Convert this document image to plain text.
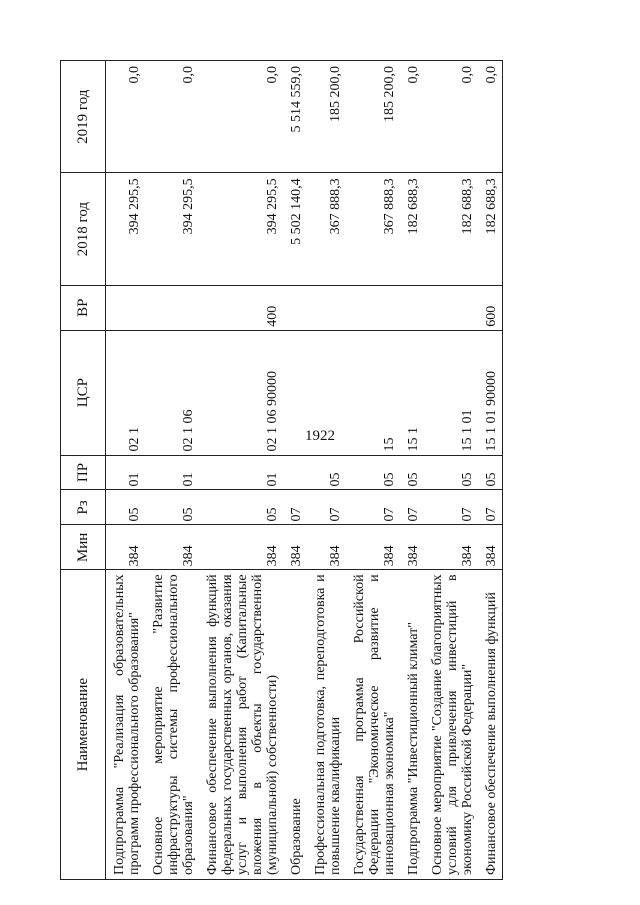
1922
Наименование	Мин	Рз	ПР	ЦСР	ВР	2018 год	2019 год
Подпрограмма "Реализация образовательных программ профессионального образования"	384	05	01	02 1		394 295,5	0,0
Основное мероприятие "Развитие инфраструктуры системы профессионального образования"	384	05	01	02 1 06		394 295,5	0,0
Финансовое обеспечение выполнения функций федеральных государственных органов, оказания услуг и выполнения работ (Капитальные вложения в объекты государственной (муниципальной) собственности)	384	05	01	02 1 06 90000	400	394 295,5	0,0
Образование	384	07				5 502 140,4	5 514 559,0
Профессиональная подготовка, переподготовка и повышение квалификации	384	07	05			367 888,3	185 200,0
Государственная программа Российской Федерации "Экономическое развитие и инновационная экономика"	384	07	05	15		367 888,3	185 200,0
Подпрограмма "Инвестиционный климат"	384	07	05	15 1		182 688,3	0,0
Основное мероприятие "Создание благоприятных условий для привлечения инвестиций в экономику Российской Федерации"	384	07	05	15 1 01		182 688,3	0,0
Финансовое обеспечение выполнения функций	384	07	05	15 1 01 90000	600	182 688,3	0,0
